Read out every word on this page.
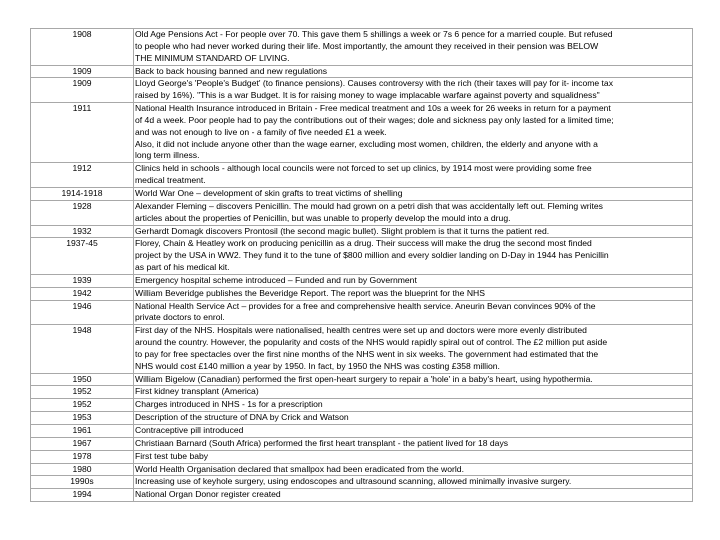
1908	Old Age Pensions Act - For people over 70. This gave them 5 shillings a week or 7s 6 pence for a married couple. But refused
to people who had never worked during their life. Most importantly, the amount they received in their pension was BELOW
THE MINIMUM STANDARD OF LIVING.

1909	Back to back housing banned and new regulations

1909	Lloyd George's 'People's Budget' (to finance pensions). Causes controversy with the rich (their taxes will pay for it- income tax
raised by 16%). "This is a war Budget. It is for raising money to wage implacable warfare against poverty and squalidness"

1911	National Health Insurance introduced in Britain - Free medical treatment and 10s a week for 26 weeks in return for a payment
of 4d a week. Poor people had to pay the contributions out of their wages; dole and sickness pay only lasted for a limited time;
and was not enough to live on - a family of five needed £1 a week.
Also, it did not include anyone other than the wage earner, excluding most women, children, the elderly and anyone with a
long term illness.

1912	Clinics held in schools - although local councils were not forced to set up clinics, by 1914 most were providing some free
medical treatment.

1914-1918	World War One – development of skin grafts to treat victims of shelling

1928	Alexander Fleming – discovers Penicillin. The mould had grown on a petri dish that was accidentally left out. Fleming writes
articles about the properties of Penicillin, but was unable to properly develop the mould into a drug.

1932	Gerhardt Domagk discovers Prontosil (the second magic bullet). Slight problem is that it turns the patient red.

1937-45	Florey, Chain & Heatley work on producing penicillin as a drug. Their success will make the drug the second most finded
project by the USA in WW2. They fund it to the tune of $800 million and every soldier landing on D-Day in 1944 has Penicillin
as part of his medical kit.

1939	Emergency hospital scheme introduced – Funded and run by Government

1942	William Beveridge publishes the Beveridge Report. The report was the blueprint for the NHS

1946	National Health Service Act – provides for a free and comprehensive health service. Aneurin Bevan convinces 90% of the
private doctors to enrol.

1948	First day of the NHS. Hospitals were nationalised, health centres were set up and doctors were more evenly distributed
around the country. However, the popularity and costs of the NHS would rapidly spiral out of control. The £2 million put aside
to pay for free spectacles over the first nine months of the NHS went in six weeks. The government had estimated that the
NHS would cost £140 million a year by 1950. In fact, by 1950 the NHS was costing £358 million.

1950	William Bigelow (Canadian) performed the first open-heart surgery to repair a 'hole' in a baby's heart, using hypothermia.

1952	First kidney transplant (America)

1952	Charges introduced in NHS - 1s for a prescription

1953	Description of the structure of DNA by Crick and Watson

1961	Contraceptive pill introduced

1967	Christiaan Barnard (South Africa) performed the first heart transplant - the patient lived for 18 days

1978	First test tube baby

1980	World Health Organisation declared that smallpox had been eradicated from the world.

1990s	Increasing use of keyhole surgery, using endoscopes and ultrasound scanning, allowed minimally invasive surgery.

1994	National Organ Donor register created
